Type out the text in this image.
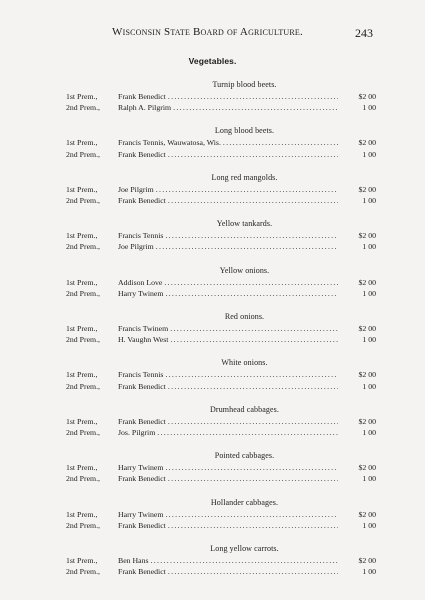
Wisconsin State Board of Agriculture.	243
Vegetables.
Turnip blood beets.
1st Prem.,	Frank Benedict .....	$2 00
2nd Prem.,	Ralph A. Pilgrim .....	1 00
Long blood beets.
1st Prem.,	Francis Tennis, Wauwatosa, Wis. .....	$2 00
2nd Prem.,	Frank Benedict .....	1 00
Long red mangolds.
1st Prem.,	Joe Pilgrim .....	$2 00
2nd Prem.,	Frank Benedict .....	1 00
Yellow tankards.
1st Prem.,	Francis Tennis .....	$2 00
2nd Prem.,	Joe Pilgrim .....	1 00
Yellow onions.
1st Prem.,	Addison Love .....	$2 00
2nd Prem.,	Harry Twinem .....	1 00
Red onions.
1st Prem.,	Francis Twinem .....	$2 00
2nd Prem.,	H. Vaughn West .....	1 00
White onions.
1st Prem.,	Francis Tennis .....	$2 00
2nd Prem.,	Frank Benedict .....	1 00
Drumhead cabbages.
1st Prem.,	Frank Benedict .....	$2 00
2nd Prem.,	Jos. Pilgrim .....	1 00
Pointed cabbages.
1st Prem.,	Harry Twinem .....	$2 00
2nd Prem.,	Frank Benedict .....	1 00
Hollander cabbages.
1st Prem.,	Harry Twinem .....	$2 00
2nd Prem.,	Frank Benedict .....	1 00
Long yellow carrots.
1st Prem.,	Ben Hans .....	$2 00
2nd Prem.,	Frank Benedict .....	1 00
